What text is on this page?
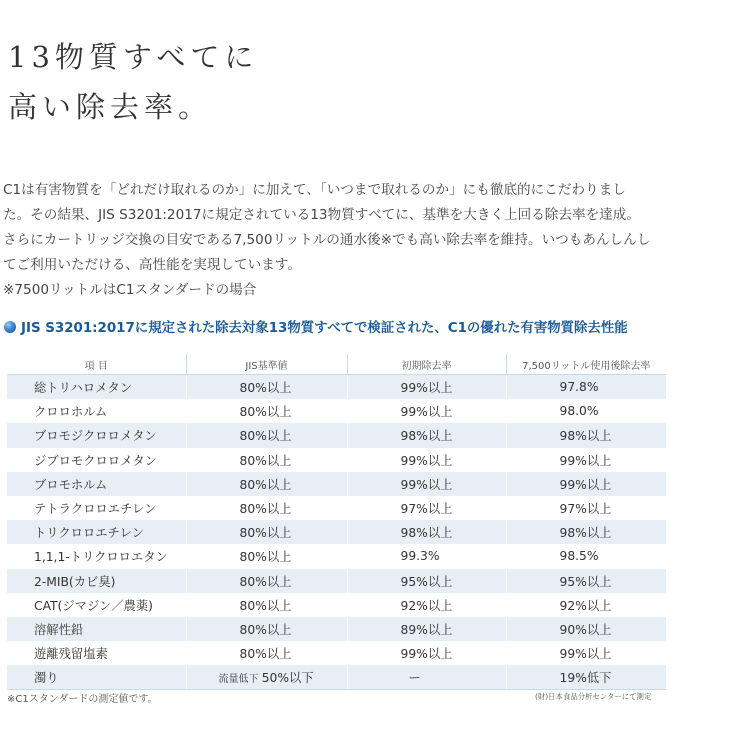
13物質すべてに
高い除去率。
C1は有害物質を「どれだけ取れるのか」に加えて、「いつまで取れるのか」にも徹底的にこだわりまし
た。その結果、JIS S3201:2017に規定されている13物質すべてに、基準を大きく上回る除去率を達成。
さらにカートリッジ交換の目安である7,500リットルの通水後※でも高い除去率を維持。いつもあんしんし
てご利用いただける、高性能を実現しています。
※7500リットルはC1スタンダードの場合
JIS S3201:2017に規定された除去対象13物質すべてで検証された、C1の優れた有害物質除去性能
項 目	JIS基準値	初期除去率	7,500リットル使用後除去率
総トリハロメタン	80%以上	99%以上	97.8%
クロロホルム	80%以上	99%以上	98.0%
ブロモジクロロメタン	80%以上	98%以上	98%以上
ジブロモクロロメタン	80%以上	99%以上	99%以上
ブロモホルム	80%以上	99%以上	99%以上
テトラクロロエチレン	80%以上	97%以上	97%以上
トリクロロエチレン	80%以上	98%以上	98%以上
1,1,1-トリクロロエタン	80%以上	99.3%	98.5%
2-MIB(カビ臭)	80%以上	95%以上	95%以上
CAT(ジマジン／農薬)	80%以上	92%以上	92%以上
溶解性鉛	80%以上	89%以上	90%以上
遊離残留塩素	80%以上	99%以上	99%以上
濁り	流量低下 50%以下	ー	19%低下
※C1スタンダードの測定値です。	(財)日本食品分析センターにて測定
